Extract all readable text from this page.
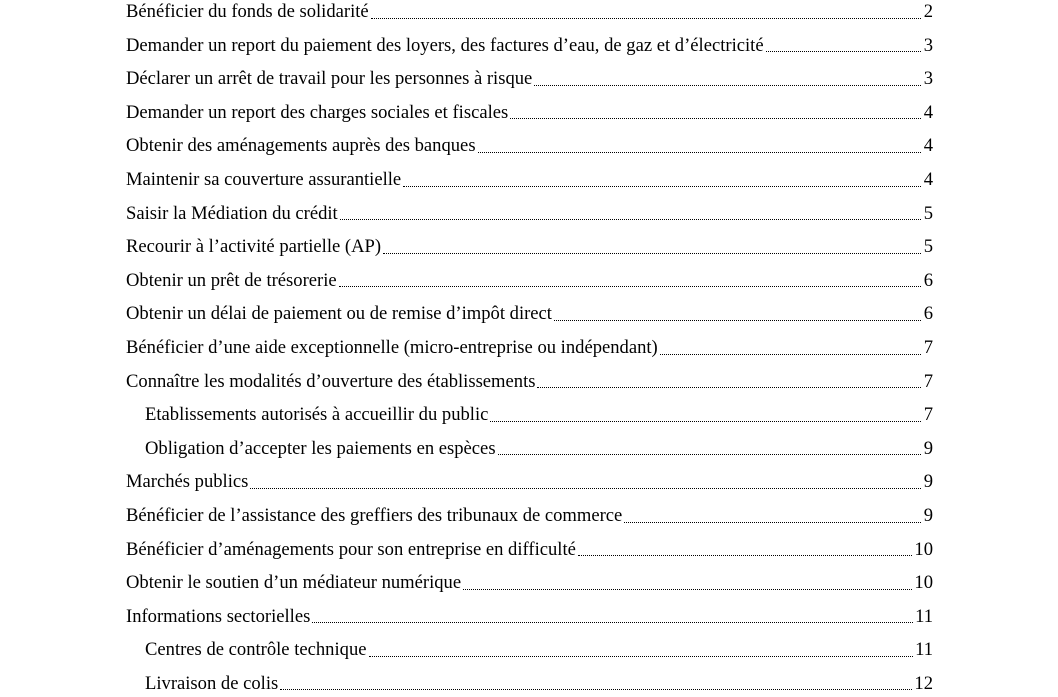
Bénéficier du fonds de solidarité	2
Demander un report du paiement des loyers, des factures d’eau, de gaz et d’électricité	3
Déclarer un arrêt de travail pour les personnes à risque	3
Demander un report des charges sociales et fiscales	4
Obtenir des aménagements auprès des banques	4
Maintenir sa couverture assurantielle	4
Saisir la Médiation du crédit	5
Recourir à l’activité partielle (AP)	5
Obtenir un prêt de trésorerie	6
Obtenir un délai de paiement ou de remise d’impôt direct	6
Bénéficier d’une aide exceptionnelle (micro-entreprise ou indépendant)	7
Connaître les modalités d’ouverture des établissements	7
Etablissements autorisés à accueillir du public	7
Obligation d’accepter les paiements en espèces	9
Marchés publics	9
Bénéficier de l’assistance des greffiers des tribunaux de commerce	9
Bénéficier d’aménagements pour son entreprise en difficulté	10
Obtenir le soutien d’un médiateur numérique	10
Informations sectorielles	11
Centres de contrôle technique	11
Livraison de colis	12
